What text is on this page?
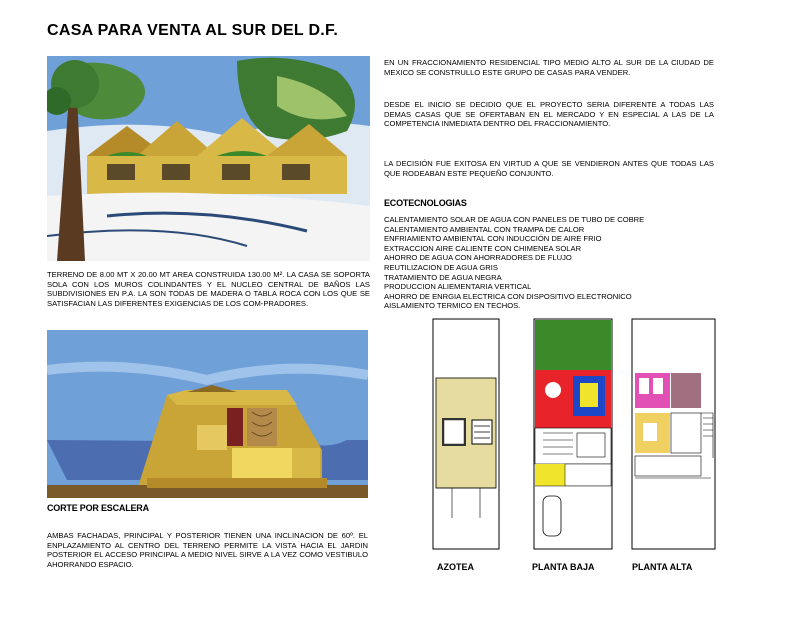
CASA PARA VENTA AL SUR DEL D.F.
EN UN FRACCIONAMIENTO RESIDENCIAL TIPO MEDIO ALTO AL SUR DE LA CIUDAD DE MEXICO SE CONSTRULLO ESTE GRUPO DE CASAS PARA VENDER.
DESDE EL INICIO SE DECIDIO QUE EL PROYECTO SERIA DIFERENTE A TODAS LAS DEMAS CASAS QUE SE OFERTABAN EN EL MERCADO Y EN ESPECIAL A LAS DE LA COMPETENCIA INMEDIATA DENTRO DEL FRACCIONAMIENTO.
LA DECISIÓN FUE EXITOSA EN VIRTUD A QUE SE VENDIERON ANTES QUE TODAS LAS QUE RODEABAN ESTE PEQUEÑO CONJUNTO.
ECOTECNOLOGIAS
CALENTAMIENTO SOLAR DE AGUA CON PANELES DE TUBO DE COBRE
CALENTAMIENTO AMBIENTAL CON TRAMPA DE CALOR
ENFRIAMIENTO AMBIENTAL CON INDUCCIÓN DE AIRE FRIO
EXTRACCION AIRE CALIENTE CON CHIMENEA SOLAR
AHORRO DE AGUA CON AHORRADORES DE FLUJO
REUTILIZACION DE AGUA GRIS
TRATAMIENTO DE AGUA NEGRA
PRODUCCION ALIEMENTARIA VERTICAL
AHORRO DE ENRGIA ELECTRICA CON DISPOSITIVO ELECTRONICO
AISLAMIENTO TERMICO EN TECHOS.
TERRENO DE 8.00 MT X 20.00 MT AREA CONSTRUIDA 130.00 M². LA CASA SE SOPORTA SOLA CON LOS MUROS COLINDANTES Y EL NUCLEO CENTRAL DE BAÑOS LAS SUBDIVISIONES EN P.A. LA SON TODAS DE MADERA O TABLA ROCA CON LOS QUE SE SATISFACIAN LAS DIFERENTES EXIGENCIAS DE LOS COM-PRADORES.
CORTE POR ESCALERA
AMBAS FACHADAS, PRINCIPAL Y POSTERIOR TIENEN UNA INCLINACION DE 60º. EL ENPLAZAMIENTO AL CENTRO DEL TERRENO PERMITE LA VISTA HACIA EL JARDIN POSTERIOR EL ACCESO PRINCIPAL A MEDIO NIVEL SIRVE A LA VEZ COMO VESTIBULO AHORRANDO ESPACIO.	AZOTEA	PLANTA BAJA	PLANTA ALTA
